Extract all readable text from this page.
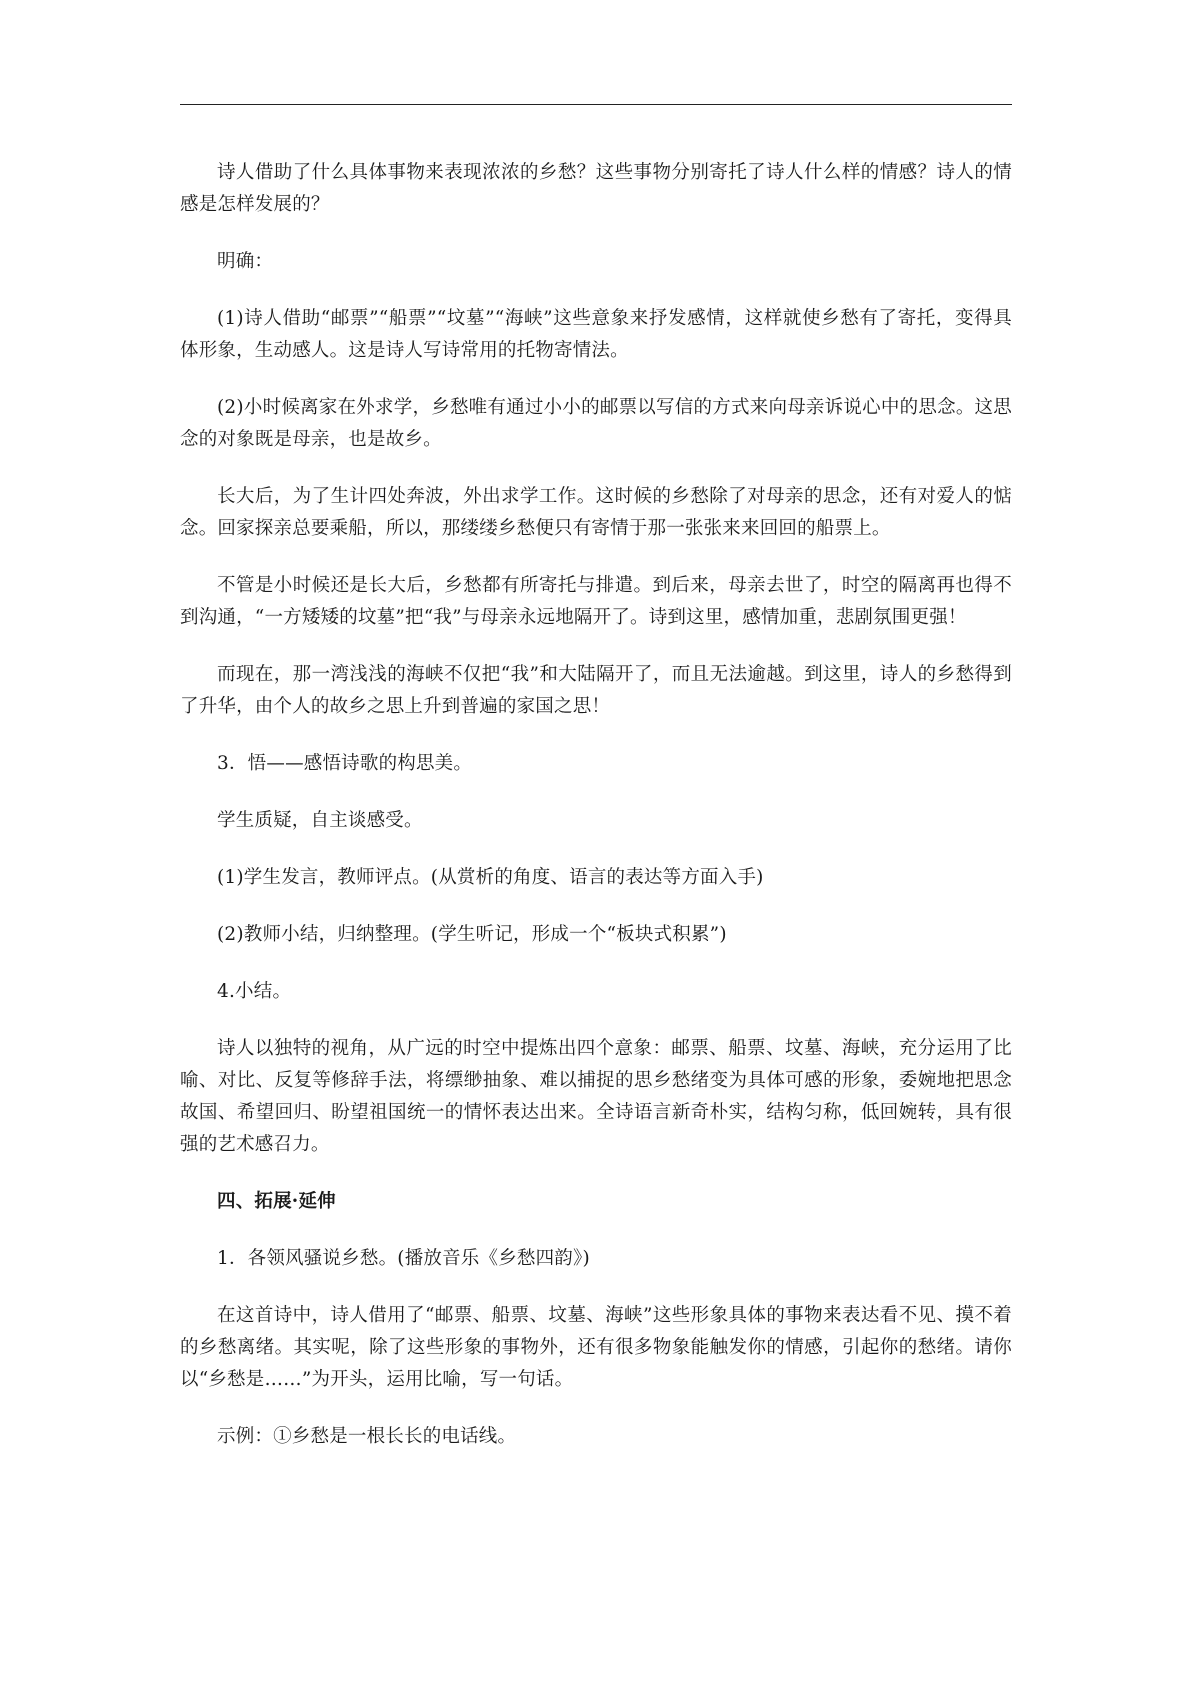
诗人借助了什么具体事物来表现浓浓的乡愁？这些事物分别寄托了诗人什么样的情感？诗人的情感是怎样发展的？

明确：

(1)诗人借助“邮票”“船票”“坟墓”“海峡”这些意象来抒发感情，这样就使乡愁有了寄托，变得具体形象，生动感人。这是诗人写诗常用的托物寄情法。

(2)小时候离家在外求学，乡愁唯有通过小小的邮票以写信的方式来向母亲诉说心中的思念。这思念的对象既是母亲，也是故乡。

长大后，为了生计四处奔波，外出求学工作。这时候的乡愁除了对母亲的思念，还有对爱人的惦念。回家探亲总要乘船，所以，那缕缕乡愁便只有寄情于那一张张来来回回的船票上。

不管是小时候还是长大后，乡愁都有所寄托与排遣。到后来，母亲去世了，时空的隔离再也得不到沟通，“一方矮矮的坟墓”把“我”与母亲永远地隔开了。诗到这里，感情加重，悲剧氛围更强！

而现在，那一湾浅浅的海峡不仅把“我”和大陆隔开了，而且无法逾越。到这里，诗人的乡愁得到了升华，由个人的故乡之思上升到普遍的家国之思！

3．悟——感悟诗歌的构思美。

学生质疑，自主谈感受。

(1)学生发言，教师评点。(从赏析的角度、语言的表达等方面入手)

(2)教师小结，归纳整理。(学生听记，形成一个“板块式积累”)

4.小结。

诗人以独特的视角，从广远的时空中提炼出四个意象：邮票、船票、坟墓、海峡，充分运用了比喻、对比、反复等修辞手法，将缥缈抽象、难以捕捉的思乡愁绪变为具体可感的形象，委婉地把思念故国、希望回归、盼望祖国统一的情怀表达出来。全诗语言新奇朴实，结构匀称，低回婉转，具有很强的艺术感召力。

四、拓展·延伸

1．各领风骚说乡愁。(播放音乐《乡愁四韵》)

在这首诗中，诗人借用了“邮票、船票、坟墓、海峡”这些形象具体的事物来表达看不见、摸不着的乡愁离绪。其实呢，除了这些形象的事物外，还有很多物象能触发你的情感，引起你的愁绪。请你以“乡愁是……”为开头，运用比喻，写一句话。

示例：①乡愁是一根长长的电话线。
